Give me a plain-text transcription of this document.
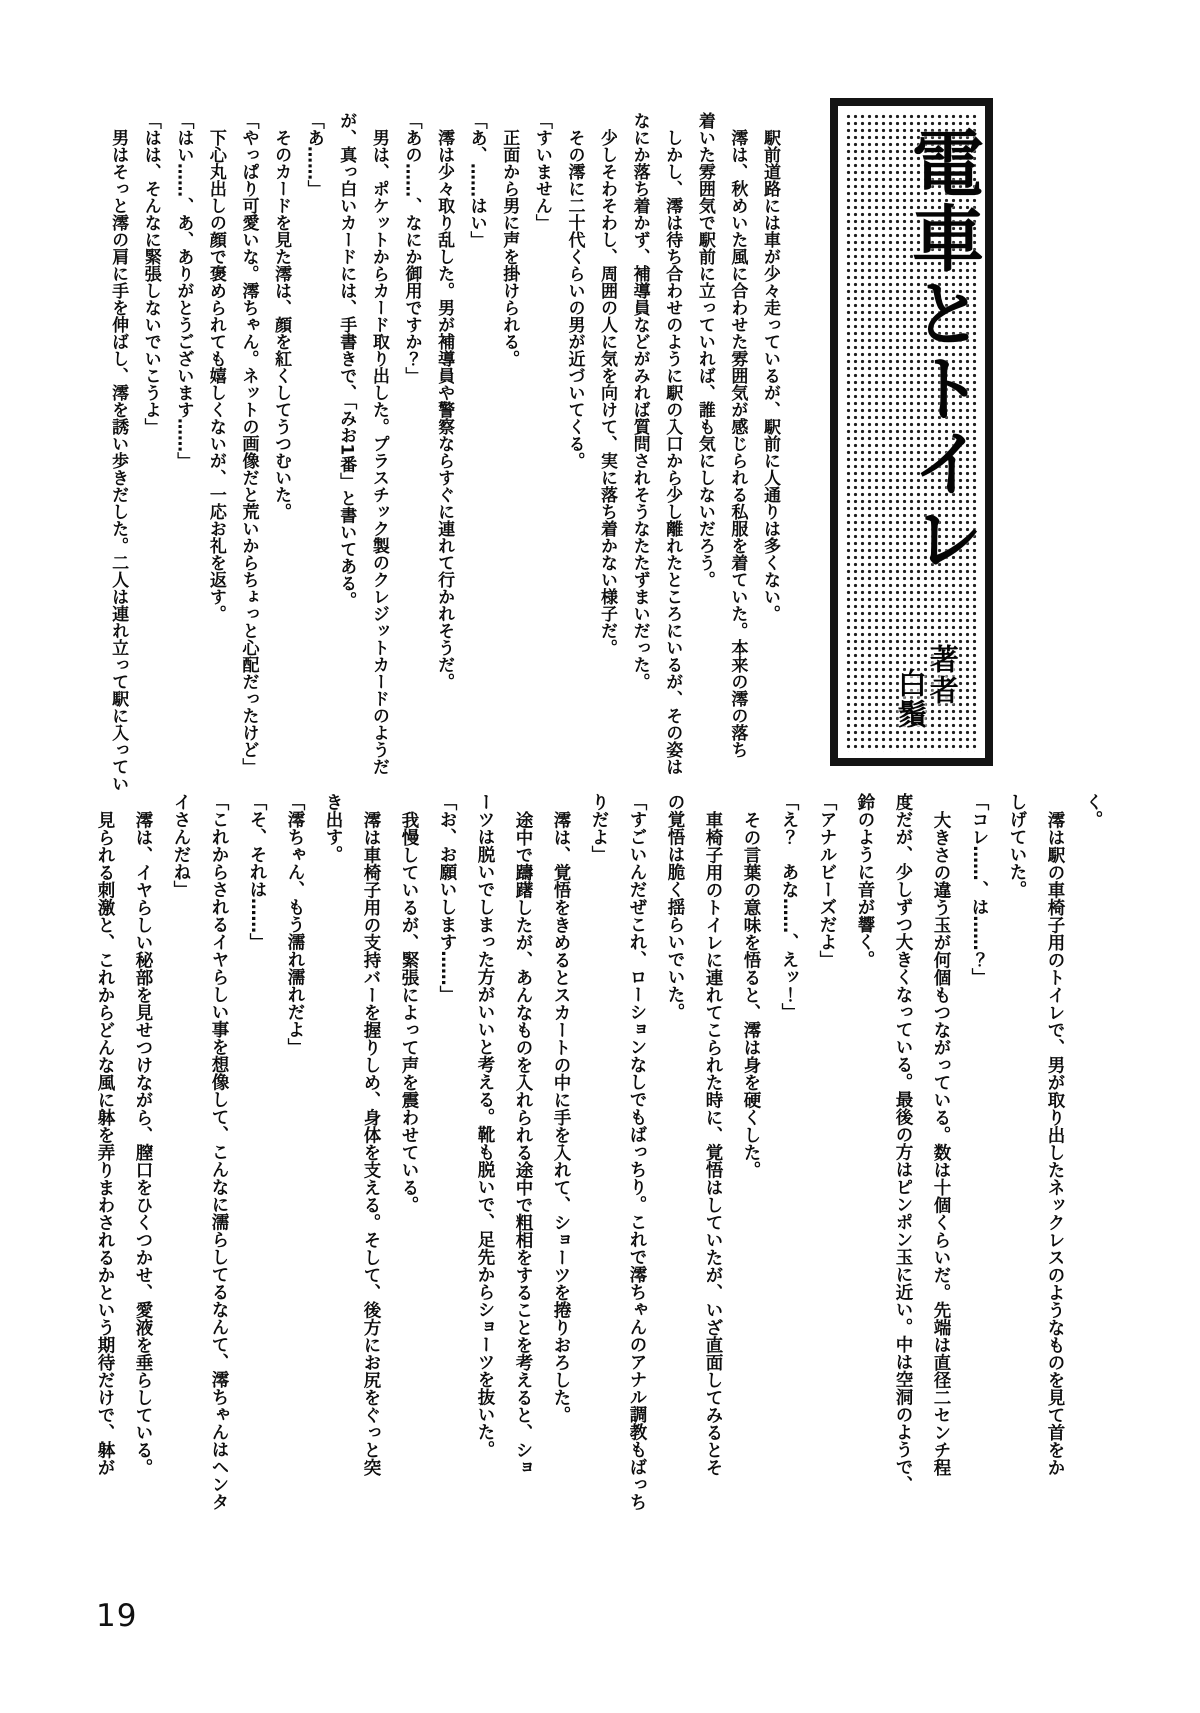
電車とトイレ
著者白鬚
駅前道路には車が少々走っているが、駅前に人通りは多くない。
澪は、秋めいた風に合わせた雰囲気が感じられる私服を着ていた。本来の澪の落ち
着いた雰囲気で駅前に立っていれば、誰も気にしないだろう。
しかし、澪は待ち合わせのように駅の入口から少し離れたところにいるが、その姿は
なにか落ち着かず、補導員などがみれば質問されそうなたたずまいだった。
少しそわそわし、周囲の人に気を向けて、実に落ち着かない様子だ。
その澪に二十代くらいの男が近づいてくる。
「すいません」
正面から男に声を掛けられる。
「あ、……はい」
澪は少々取り乱した。男が補導員や警察ならすぐに連れて行かれそうだ。
「あの……、なにか御用ですか？」
男は、ポケットからカード取り出した。プラスチック製のクレジットカードのようだ
が、真っ白いカードには、手書きで、「みお1番」と書いてある。
「あ……」
そのカードを見た澪は、顔を紅くしてうつむいた。
「やっぱり可愛いな。澪ちゃん。ネットの画像だと荒いからちょっと心配だったけど」
下心丸出しの顔で褒められても嬉しくないが、一応お礼を返す。
「はい……、あ、ありがとうございます……」
「はは、そんなに緊張しないでいこうよ」
男はそっと澪の肩に手を伸ばし、澪を誘い歩きだした。二人は連れ立って駅に入ってい
く。
澪は駅の車椅子用のトイレで、男が取り出したネックレスのようなものを見て首をか
しげていた。
「コレ……、は……？」
大きさの違う玉が何個もつながっている。数は十個くらいだ。先端は直径二センチ程
度だが、少しずつ大きくなっている。最後の方はピンポン玉に近い。中は空洞のようで、
鈴のように音が響く。
「アナルビーズだよ」
「え？　あな……、えッ！」
その言葉の意味を悟ると、澪は身を硬くした。
車椅子用のトイレに連れてこられた時に、覚悟はしていたが、いざ直面してみるとそ
の覚悟は脆く揺らいでいた。
「すごいんだぜこれ、ローションなしでもばっちり。これで澪ちゃんのアナル調教もばっち
りだよ」
澪は、覚悟をきめるとスカートの中に手を入れて、ショーツを捲りおろした。
途中で躊躇したが、あんなものを入れられる途中で粗相をすることを考えると、ショ
ーツは脱いでしまった方がいいと考える。靴も脱いで、足先からショーツを抜いた。
「お、お願いします……」
我慢しているが、緊張によって声を震わせている。
澪は車椅子用の支持バーを握りしめ、身体を支える。そして、後方にお尻をぐっと突
き出す。
「澪ちゃん、もう濡れ濡れだよ」
「そ、それは……」
「これからされるイヤらしい事を想像して、こんなに濡らしてるなんて、澪ちゃんはヘンタ
イさんだね」
澪は、イヤらしい秘部を見せつけながら、膣口をひくつかせ、愛液を垂らしている。
見られる刺激と、これからどんな風に躰を弄りまわされるかという期待だけで、躰が
19
